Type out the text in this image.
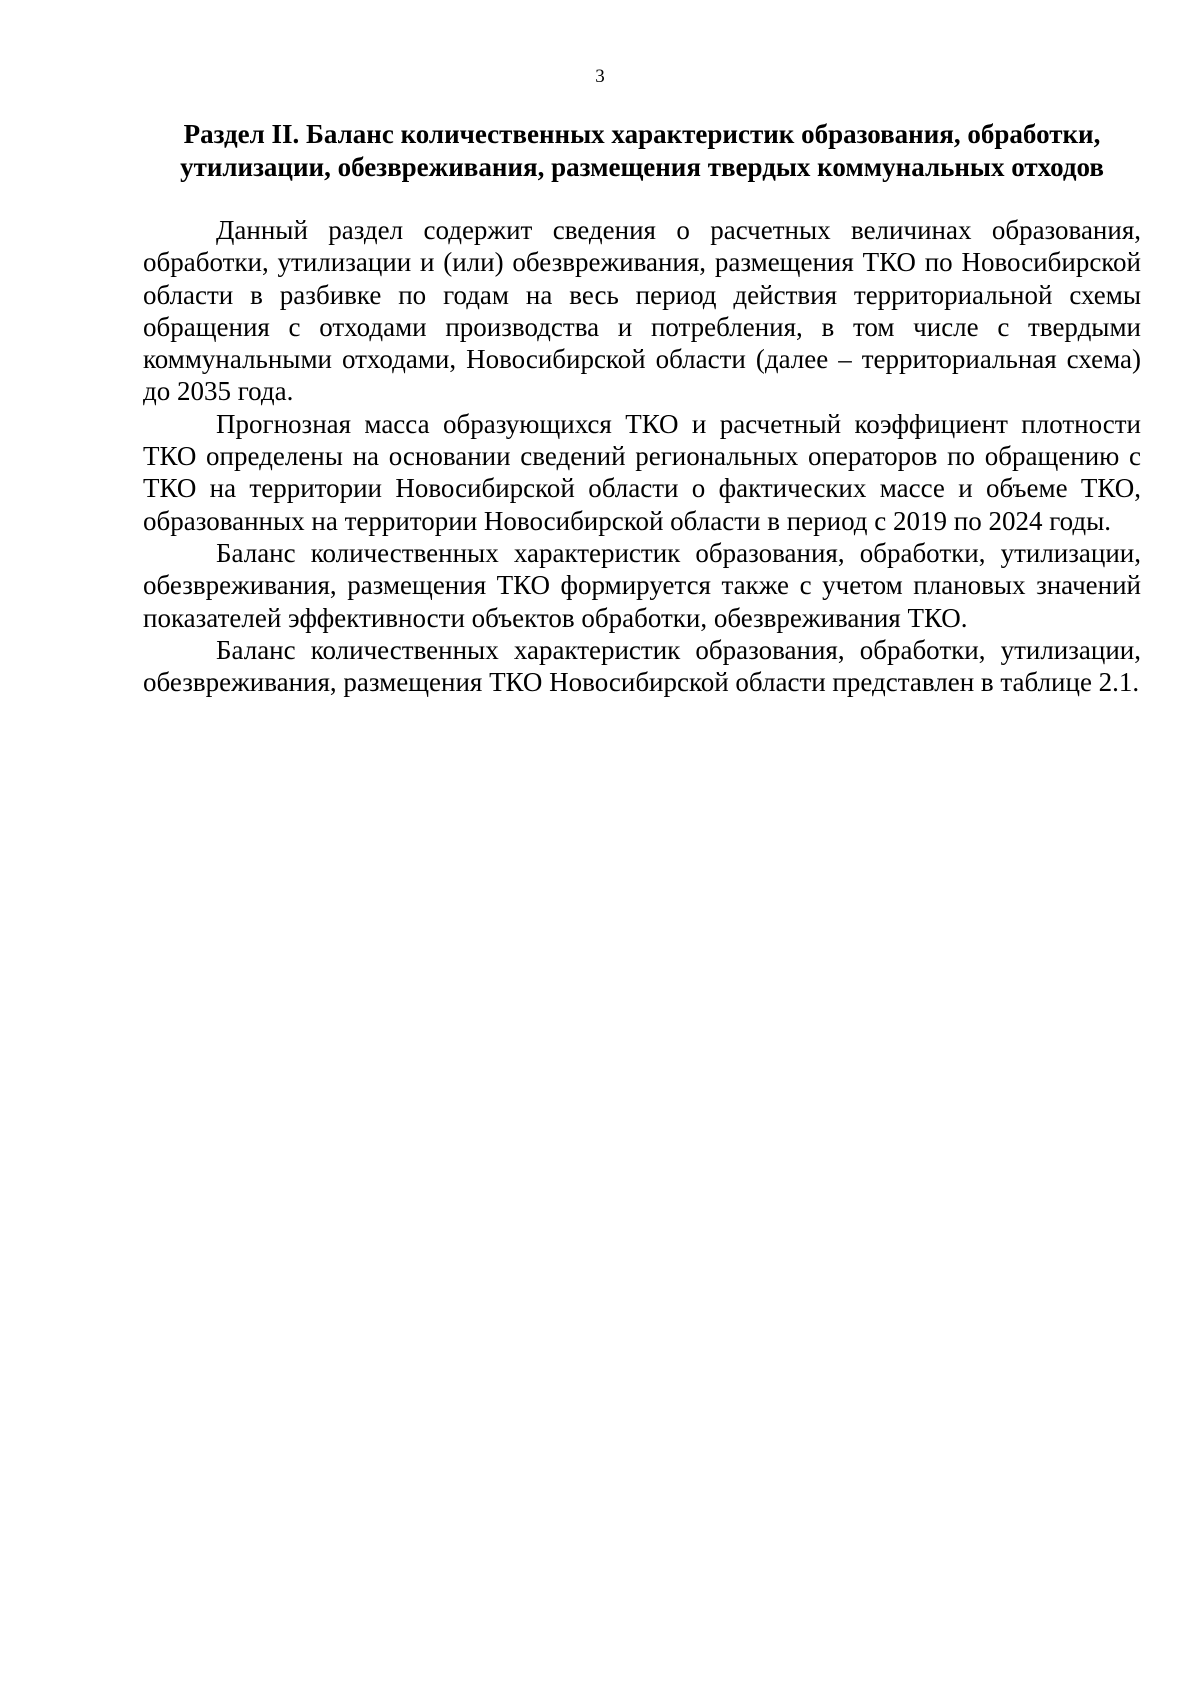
3
Раздел II. Баланс количественных характеристик образования, обработки, утилизации, обезвреживания, размещения твердых коммунальных отходов

Данный раздел содержит сведения о расчетных величинах образования, обработки, утилизации и (или) обезвреживания, размещения ТКО по Новосибирской области в разбивке по годам на весь период действия территориальной схемы обращения с отходами производства и потребления, в том числе с твердыми коммунальными отходами, Новосибирской области (далее – территориальная схема) до 2035 года.

Прогнозная масса образующихся ТКО и расчетный коэффициент плотности ТКО определены на основании сведений региональных операторов по обращению с ТКО на территории Новосибирской области о фактических массе и объеме ТКО, образованных на территории Новосибирской области в период с 2019 по 2024 годы.

Баланс количественных характеристик образования, обработки, утилизации, обезвреживания, размещения ТКО формируется также с учетом плановых значений показателей эффективности объектов обработки, обезвреживания ТКО.

Баланс количественных характеристик образования, обработки, утилизации, обезвреживания, размещения ТКО Новосибирской области представлен в таблице 2.1.
